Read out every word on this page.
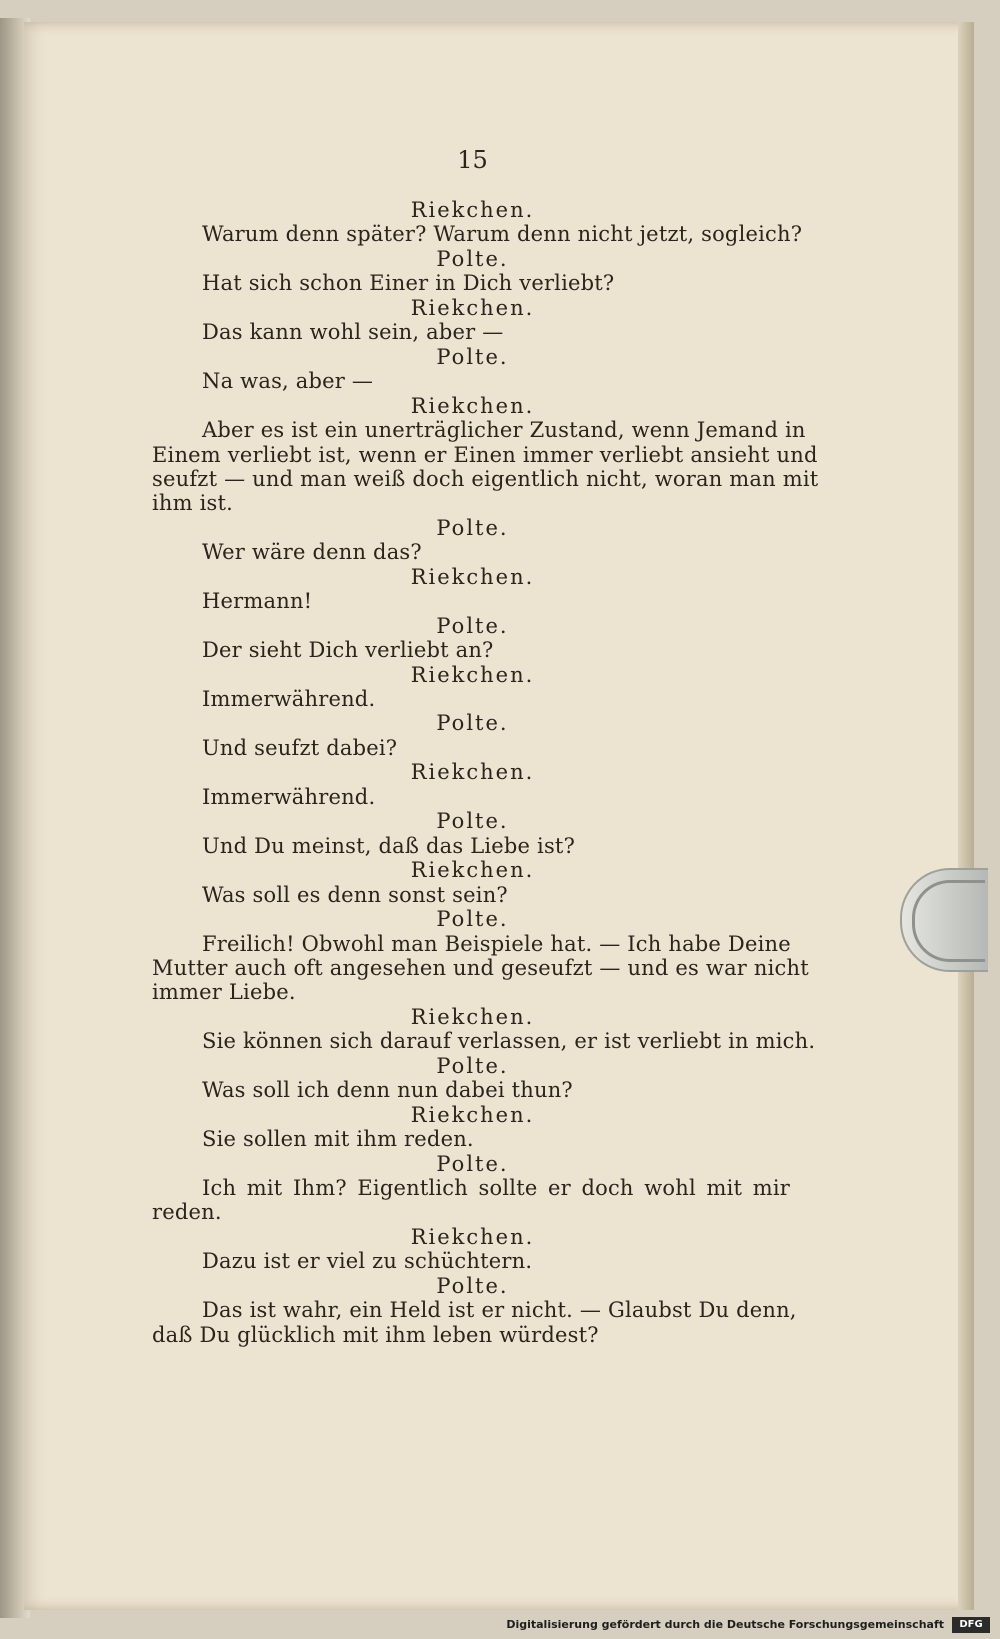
15
Riekchen.
Warum denn später? Warum denn nicht jetzt, sogleich?
Polte.
Hat sich schon Einer in Dich verliebt?
Riekchen.
Das kann wohl sein, aber —
Polte.
Na was, aber —
Riekchen.
Aber es ist ein unerträglicher Zustand, wenn Jemand in
Einem verliebt ist, wenn er Einen immer verliebt ansieht und
seufzt — und man weiß doch eigentlich nicht, woran man mit
ihm ist.
Polte.
Wer wäre denn das?
Riekchen.
Hermann!
Polte.
Der sieht Dich verliebt an?
Riekchen.
Immerwährend.
Polte.
Und seufzt dabei?
Riekchen.
Immerwährend.
Polte.
Und Du meinst, daß das Liebe ist?
Riekchen.
Was soll es denn sonst sein?
Polte.
Freilich! Obwohl man Beispiele hat. — Ich habe Deine
Mutter auch oft angesehen und geseufzt — und es war nicht
immer Liebe.
Riekchen.
Sie können sich darauf verlassen, er ist verliebt in mich.
Polte.
Was soll ich denn nun dabei thun?
Riekchen.
Sie sollen mit ihm reden.
Polte.
Ich mit Ihm? Eigentlich sollte er doch wohl mit mir
reden.
Riekchen.
Dazu ist er viel zu schüchtern.
Polte.
Das ist wahr, ein Held ist er nicht. — Glaubst Du denn,
daß Du glücklich mit ihm leben würdest?
Digitalisierung gefördert durch die Deutsche Forschungsgemeinschaft	DFG
